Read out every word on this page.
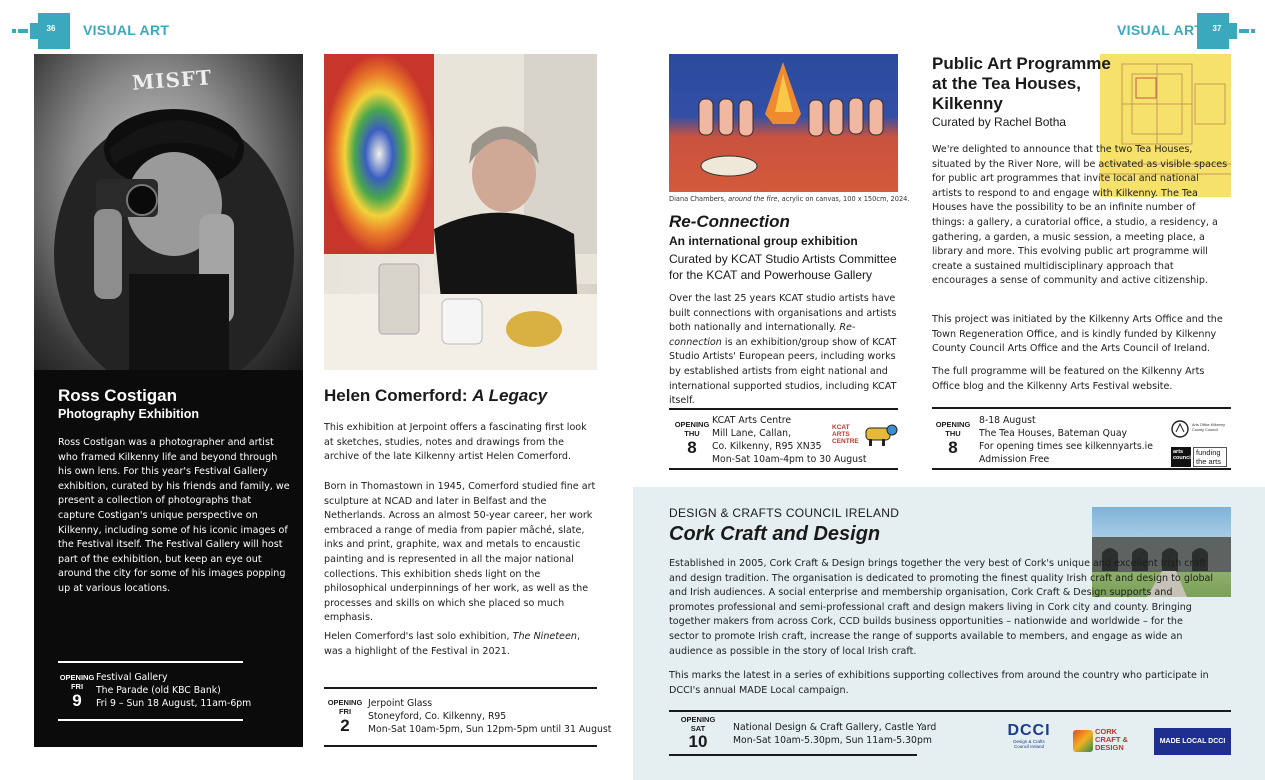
36	VISUAL ART	VISUAL ART	37
MISFT
Ross Costigan
Photography Exhibition

Ross Costigan was a photographer and artist who framed Kilkenny life and beyond through his own lens. For this year's Festival Gallery exhibition, curated by his friends and family, we present a collection of photographs that capture Costigan's unique perspective on Kilkenny, including some of his iconic images of the Festival itself. The Festival Gallery will host part of the exhibition, but keep an eye out around the city for some of his images popping up at various locations.

OPENING
FRI
9
Festival Gallery
The Parade (old KBC Bank)
Fri 9 – Sun 18 August, 11am-6pm
Helen Comerford: A Legacy

This exhibition at Jerpoint offers a fascinating first look at sketches, studies, notes and drawings from the archive of the late Kilkenny artist Helen Comerford.

Born in Thomastown in 1945, Comerford studied fine art sculpture at NCAD and later in Belfast and the Netherlands. Across an almost 50-year career, her work embraced a range of media from papier mâché, slate, inks and print, graphite, wax and metals to encaustic painting and is represented in all the major national collections. This exhibition sheds light on the philosophical underpinnings of her work, as well as the processes and skills on which she placed so much emphasis.

Helen Comerford's last solo exhibition, The Nineteen, was a highlight of the Festival in 2021.

OPENING
FRI
2
Jerpoint Glass
Stoneyford, Co. Kilkenny, R95
Mon-Sat 10am-5pm, Sun 12pm-5pm until 31 August
Diana Chambers, around the fire, acrylic on canvas, 100 x 150cm, 2024.
Re-Connection
An international group exhibition
Curated by KCAT Studio Artists Committee
for the KCAT and Powerhouse Gallery

Over the last 25 years KCAT studio artists have built connections with organisations and artists both nationally and internationally. Re-connection is an exhibition/group show of KCAT Studio Artists' European peers, including works by established artists from eight national and international supported studios, including KCAT itself.

OPENING
THU
8
KCAT Arts Centre
Mill Lane, Callan,
Co. Kilkenny, R95 XN35
Mon-Sat 10am-4pm to 30 August
KCAT ARTS CENTRE
Public Art Programme
at the Tea Houses,
Kilkenny
Curated by Rachel Botha

We're delighted to announce that the two Tea Houses, situated by the River Nore, will be activated as visible spaces for public art programmes that invite local and national artists to respond to and engage with Kilkenny. The Tea Houses have the possibility to be an infinite number of things: a gallery, a curatorial office, a studio, a residency, a gathering, a garden, a music session, a meeting place, a library and more. This evolving public art programme will create a sustained multidisciplinary approach that encourages a sense of community and active citizenship.

This project was initiated by the Kilkenny Arts Office and the Town Regeneration Office, and is kindly funded by Kilkenny County Council Arts Office and the Arts Council of Ireland.

The full programme will be featured on the Kilkenny Arts Office blog and the Kilkenny Arts Festival website.

OPENING
THU
8
8-18 August
The Tea Houses, Bateman Quay
For opening times see kilkennyarts.ie
Admission Free
Arts Office Kilkenny County Council
arts council
funding the arts
DESIGN & CRAFTS COUNCIL IRELAND
Cork Craft and Design

Established in 2005, Cork Craft & Design brings together the very best of Cork's unique and excellent Irish craft and design tradition. The organisation is dedicated to promoting the finest quality Irish craft and design to global and Irish audiences. A social enterprise and membership organisation, Cork Craft & Design supports and promotes professional and semi-professional craft and design makers living in Cork city and county. Bringing together makers from across Cork, CCD builds business opportunities – nationwide and worldwide – for the sector to promote Irish craft, increase the range of supports available to members, and engage as wide an audience as possible in the story of local Irish craft.

This marks the latest in a series of exhibitions supporting collectives from around the country who participate in DCCI's annual MADE Local campaign.

OPENING
SAT
10
National Design & Craft Gallery, Castle Yard
Mon-Sat 10am-5.30pm, Sun 11am-5.30pm
DCCI
Design & Crafts Council Ireland
CORK CRAFT & DESIGN
MADE LOCAL DCCI
